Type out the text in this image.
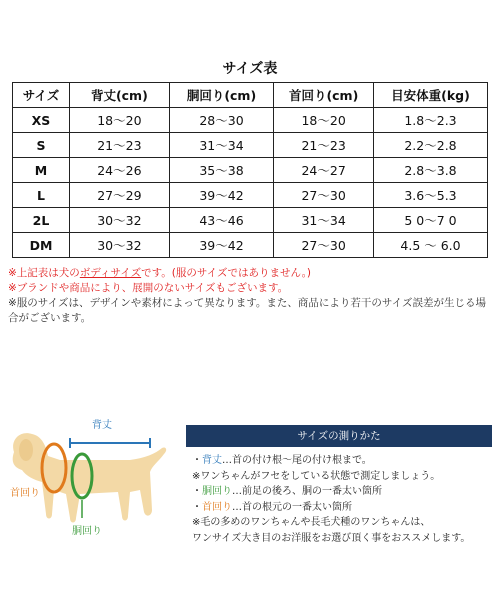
サイズ表
サイズ	背丈(cm)	胴回り(cm)	首回り(cm)	目安体重(kg)
XS	18〜20	28〜30	18〜20	1.8〜2.3
S	21〜23	31〜34	21〜23	2.2〜2.8
M	24〜26	35〜38	24〜27	2.8〜3.8
L	27〜29	39〜42	27〜30	3.6〜5.3
2L	30〜32	43〜46	31〜34	5 0〜7 0
DM	30〜32	39〜42	27〜30	4.5 〜 6.0
※上記表は犬のボディサイズです。(服のサイズではありません。)
※ブランドや商品により、展開のないサイズもございます。
※服のサイズは、デザインや素材によって異なります。また、商品により若干のサイズ誤差が生じる場合がございます。
背丈
首回り
胴回り
サイズの測りかた
・背丈…首の付け根〜尾の付け根まで。
※ワンちゃんがフセをしている状態で測定しましょう。
・胴回り…前足の後ろ、胴の一番太い箇所
・首回り…首の根元の一番太い箇所
※毛の多めのワンちゃんや長毛犬種のワンちゃんは、
ワンサイズ大き目のお洋服をお選び頂く事をおススメします。
